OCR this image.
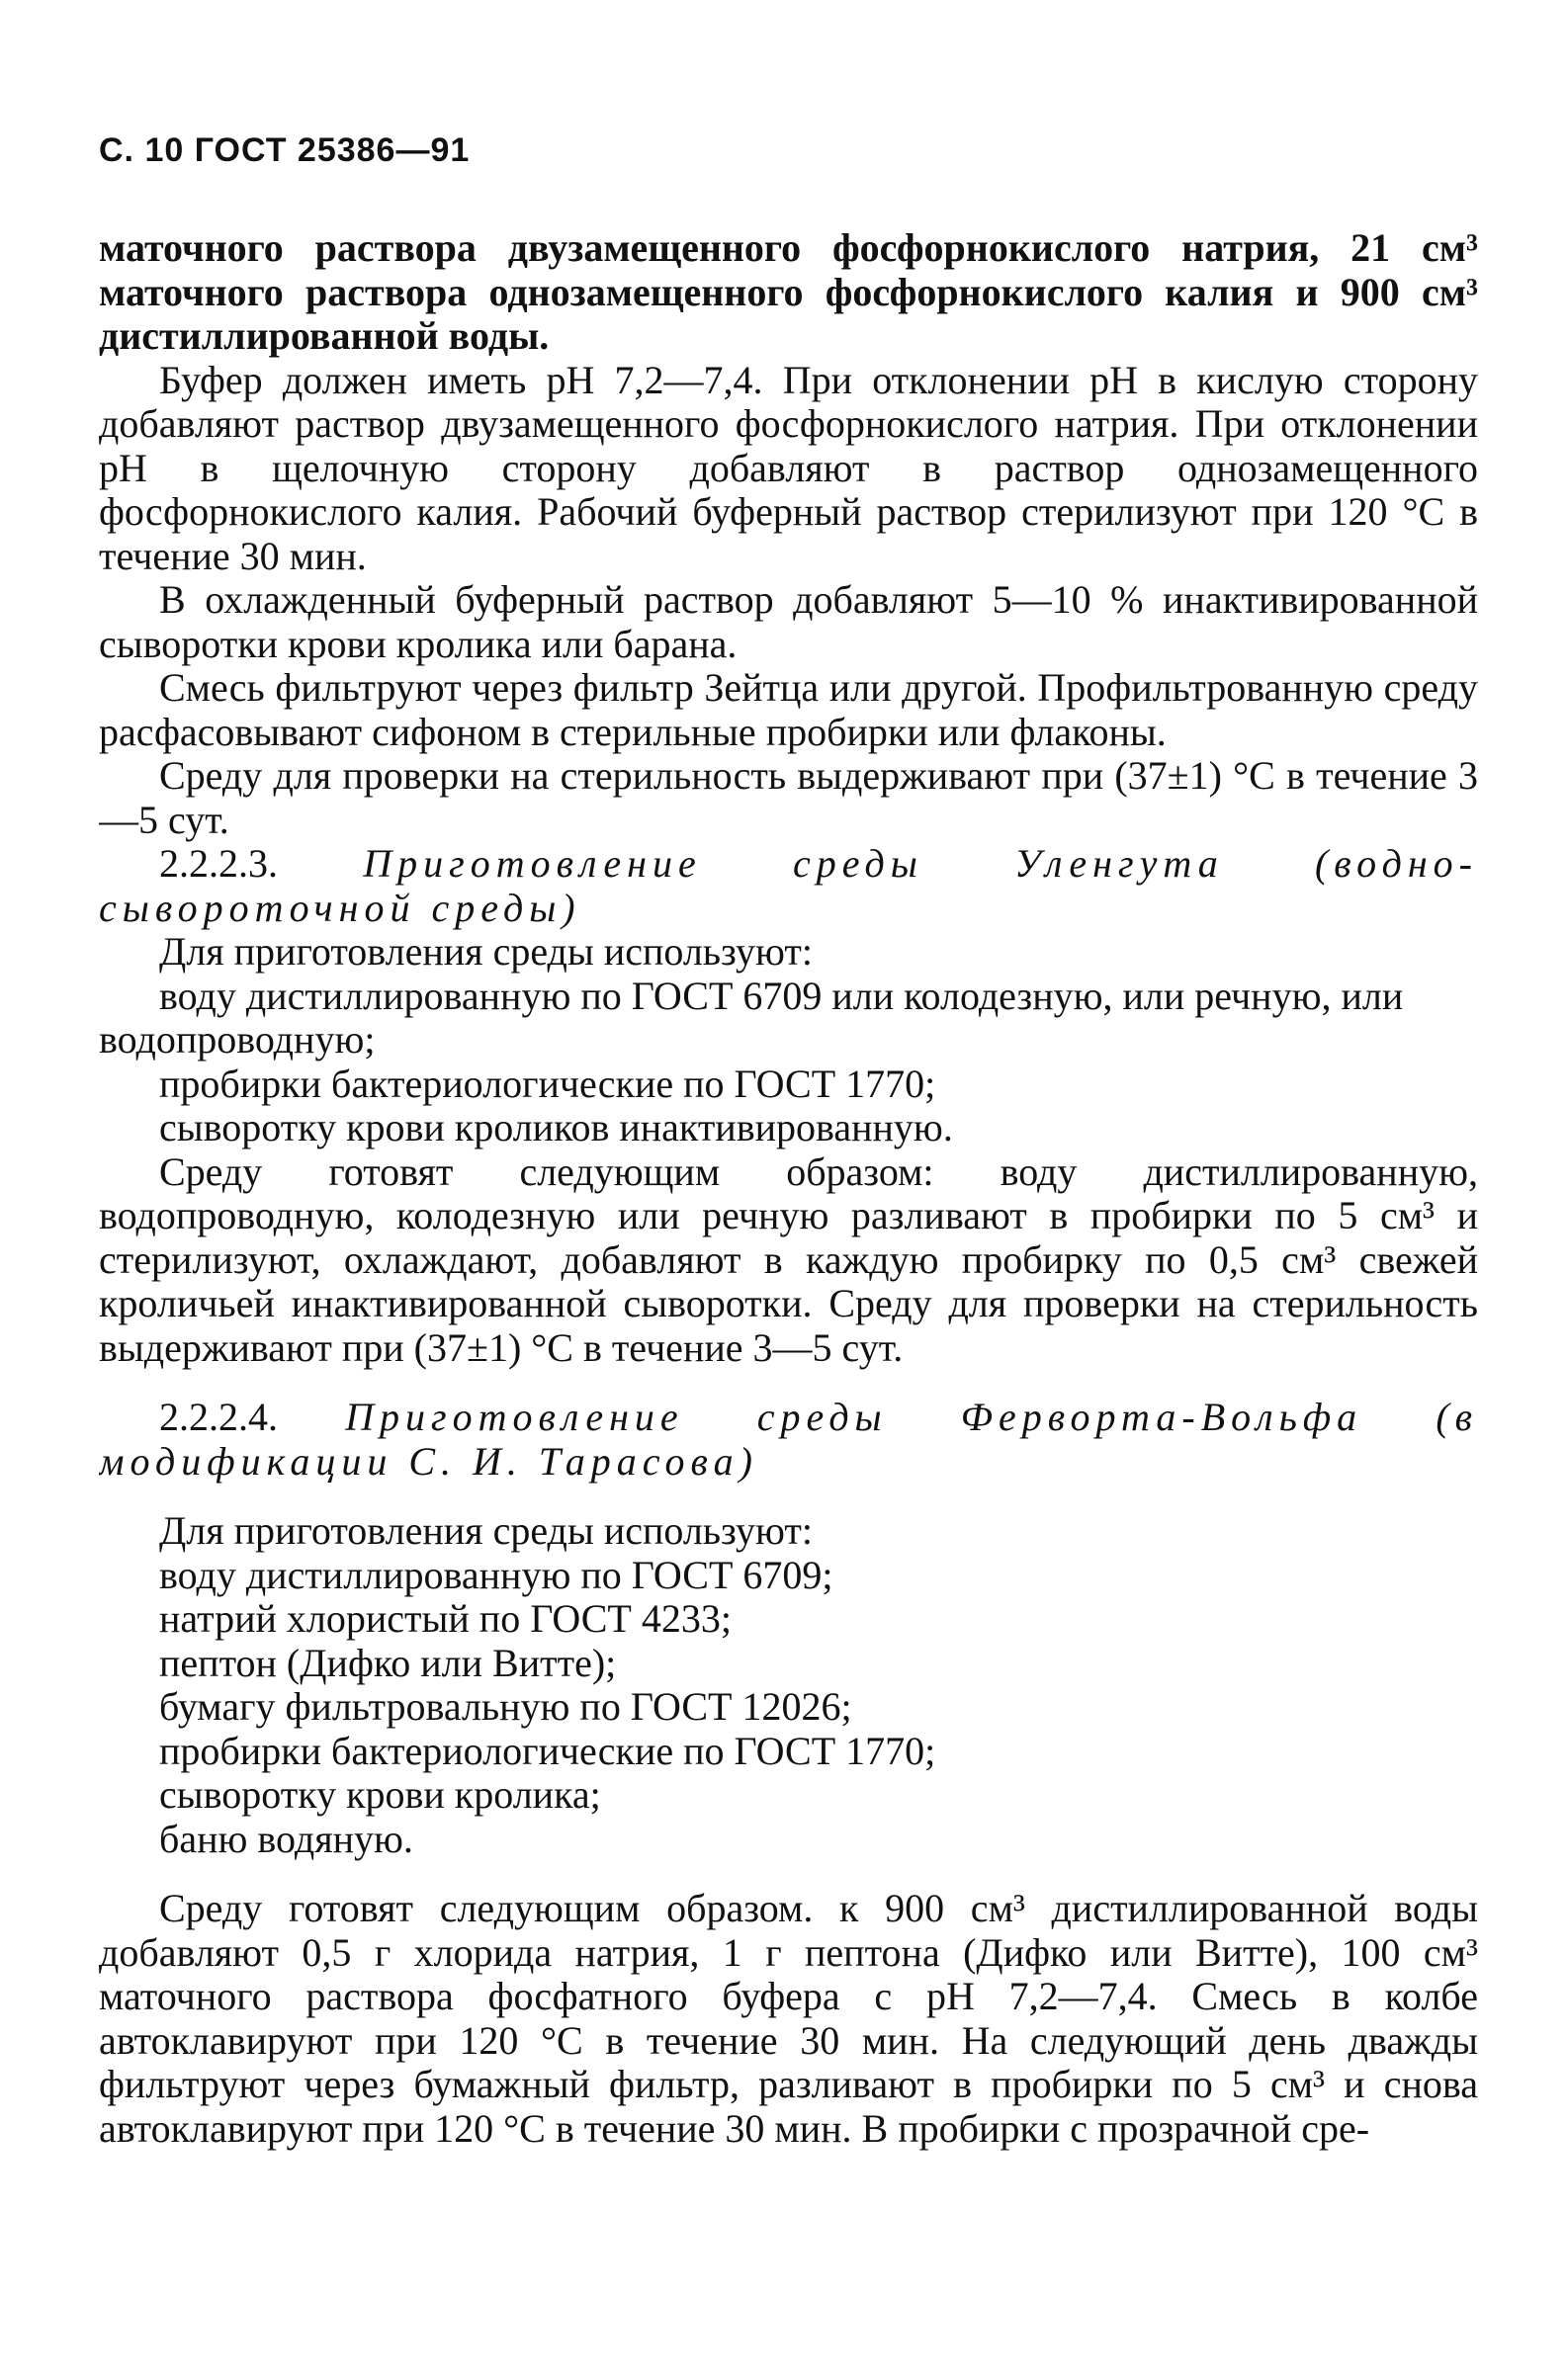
С. 10 ГОСТ 25386—91

маточного раствора двузамещенного фосфорнокислого натрия, 21 см³ маточного раствора однозамещенного фосфорнокислого калия и 900 см³ дистиллированной воды.

Буфер должен иметь pH 7,2—7,4. При отклонении pH в кислую сторону добавляют раствор двузамещенного фосфорнокислого натрия. При отклонении pH в щелочную сторону добавляют в раствор однозамещенного фосфорнокислого калия. Рабочий буферный раствор стерилизуют при 120 °С в течение 30 мин.

В охлажденный буферный раствор добавляют 5—10 % инактивированной сыворотки крови кролика или барана.

Смесь фильтруют через фильтр Зейтца или другой. Профильтрованную среду расфасовывают сифоном в стерильные пробирки или флаконы.

Среду для проверки на стерильность выдерживают при (37±1) °С в течение 3—5 сут.

2.2.2.3. Приготовление среды Уленгута (водно-сывороточной среды)

Для приготовления среды используют:

воду дистиллированную по ГОСТ 6709 или колодезную, или речную, или водопроводную;

пробирки бактериологические по ГОСТ 1770;

сыворотку крови кроликов инактивированную.

Среду готовят следующим образом: воду дистиллированную, водопроводную, колодезную или речную разливают в пробирки по 5 см³ и стерилизуют, охлаждают, добавляют в каждую пробирку по 0,5 см³ свежей кроличьей инактивированной сыворотки. Среду для проверки на стерильность выдерживают при (37±1) °С в течение 3—5 сут.

2.2.2.4. Приготовление среды Ферворта-Вольфа (в модификации С. И. Тарасова)

Для приготовления среды используют:

воду дистиллированную по ГОСТ 6709;

натрий хлористый по ГОСТ 4233;

пептон (Дифко или Витте);

бумагу фильтровальную по ГОСТ 12026;

пробирки бактериологические по ГОСТ 1770;

сыворотку крови кролика;

баню водяную.

Среду готовят следующим образом. к 900 см³ дистиллированной воды добавляют 0,5 г хлорида натрия, 1 г пептона (Дифко или Витте), 100 см³ маточного раствора фосфатного буфера с pH 7,2—7,4. Смесь в колбе автоклавируют при 120 °С в течение 30 мин. На следующий день дважды фильтруют через бумажный фильтр, разливают в пробирки по 5 см³ и снова автоклавируют при 120 °С в течение 30 мин. В пробирки с прозрачной сре-
